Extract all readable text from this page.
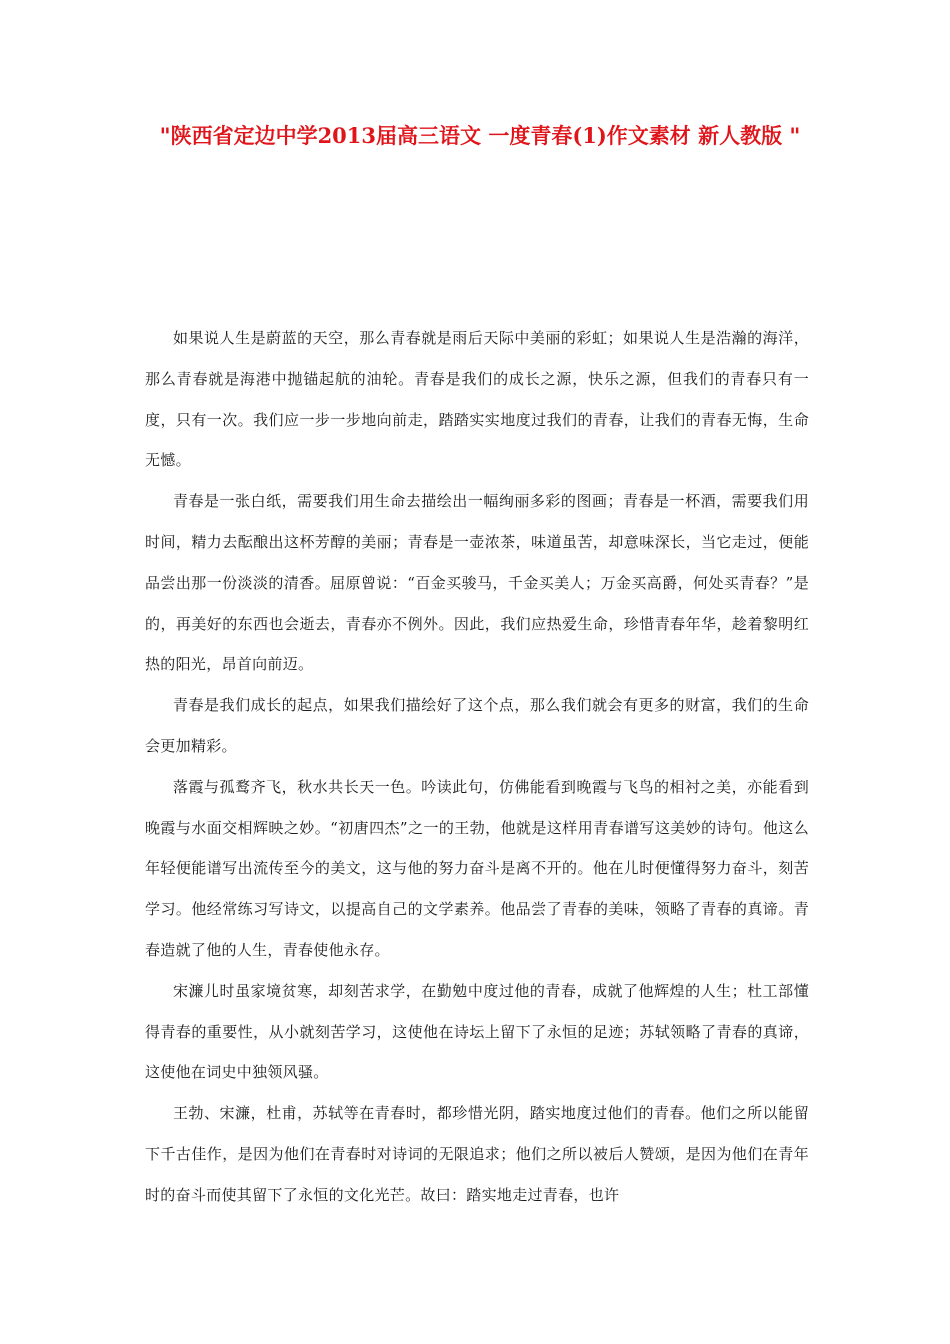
"陕西省定边中学2013届高三语文 一度青春(1)作文素材 新人教版 "

如果说人生是蔚蓝的天空，那么青春就是雨后天际中美丽的彩虹；如果说人生是浩瀚的海洋，那么青春就是海港中抛锚起航的油轮。青春是我们的成长之源，快乐之源，但我们的青春只有一度，只有一次。我们应一步一步地向前走，踏踏实实地度过我们的青春，让我们的青春无悔，生命无憾。

青春是一张白纸，需要我们用生命去描绘出一幅绚丽多彩的图画；青春是一杯酒，需要我们用时间，精力去酝酿出这杯芳醇的美丽；青春是一壶浓茶，味道虽苦，却意味深长，当它走过，便能品尝出那一份淡淡的清香。屈原曾说：“百金买骏马，千金买美人；万金买高爵，何处买青春？”是的，再美好的东西也会逝去，青春亦不例外。因此，我们应热爱生命，珍惜青春年华，趁着黎明红热的阳光，昂首向前迈。

青春是我们成长的起点，如果我们描绘好了这个点，那么我们就会有更多的财富，我们的生命会更加精彩。

落霞与孤鹜齐飞，秋水共长天一色。吟读此句，仿佛能看到晚霞与飞鸟的相衬之美，亦能看到晚霞与水面交相辉映之妙。“初唐四杰”之一的王勃，他就是这样用青春谱写这美妙的诗句。他这么年轻便能谱写出流传至今的美文，这与他的努力奋斗是离不开的。他在儿时便懂得努力奋斗，刻苦学习。他经常练习写诗文，以提高自己的文学素养。他品尝了青春的美味，领略了青春的真谛。青春造就了他的人生，青春使他永存。

宋濂儿时虽家境贫寒，却刻苦求学，在勤勉中度过他的青春，成就了他辉煌的人生；杜工部懂得青春的重要性，从小就刻苦学习，这使他在诗坛上留下了永恒的足迹；苏轼领略了青春的真谛，这使他在词史中独领风骚。

王勃、宋濂，杜甫，苏轼等在青春时，都珍惜光阴，踏实地度过他们的青春。他们之所以能留下千古佳作，是因为他们在青春时对诗词的无限追求；他们之所以被后人赞颂，是因为他们在青年时的奋斗而使其留下了永恒的文化光芒。故曰：踏实地走过青春，也许
